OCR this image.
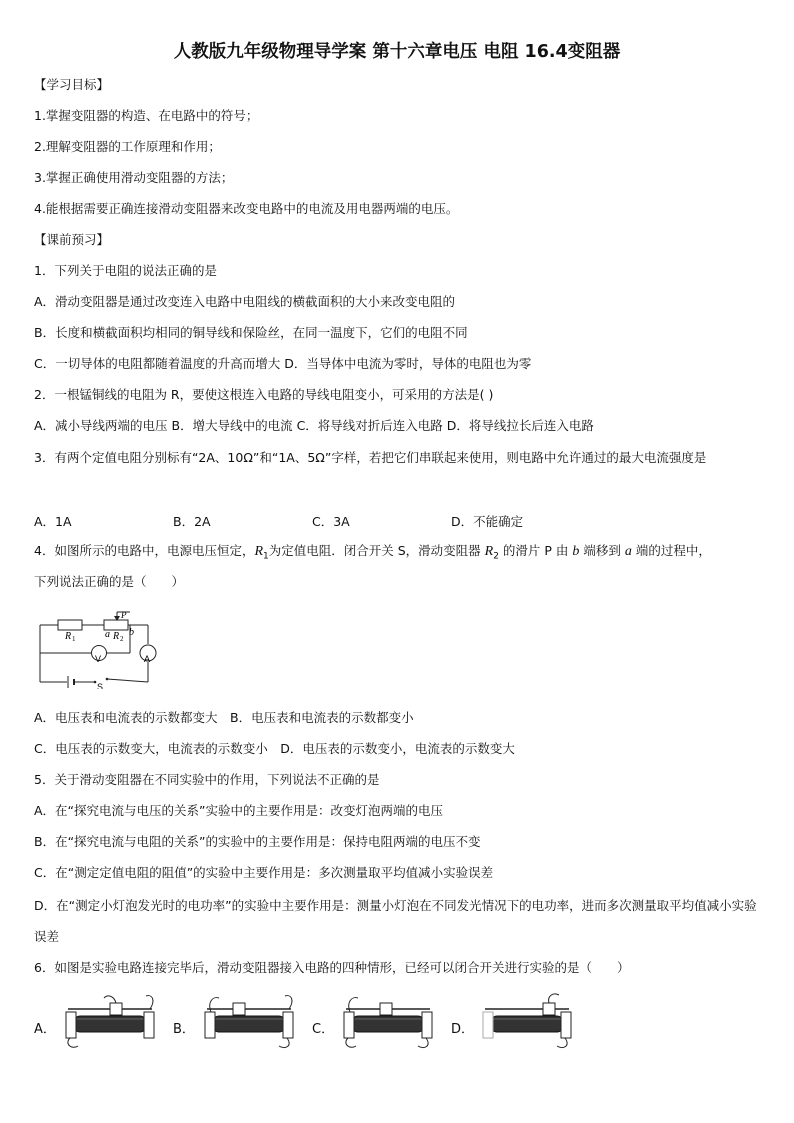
人教版九年级物理导学案 第十六章电压 电阻 16.4变阻器
【学习目标】
1.掌握变阻器的构造、在电路中的符号；
2.理解变阻器的工作原理和作用；
3.掌握正确使用滑动变阻器的方法；
4.能根据需要正确连接滑动变阻器来改变电路中的电流及用电器两端的电压。
【课前预习】
1．下列关于电阻的说法正确的是
A．滑动变阻器是通过改变连入电路中电阻线的横截面积的大小来改变电阻的
B．长度和横截面积均相同的铜导线和保险丝，在同一温度下，它们的电阻不同
C．一切导体的电阻都随着温度的升高而增大 D．当导体中电流为零时，导体的电阻也为零
2．一根锰铜线的电阻为 R，要使这根连入电路的导线电阻变小，可采用的方法是( )
A．减小导线两端的电压 B．增大导线中的电流 C．将导线对折后连入电路 D．将导线拉长后连入电路
3．有两个定值电阻分别标有“2A、10Ω”和“1A、5Ω”字样，若把它们串联起来使用，则电路中允许通过的最大电流强度是
A．1A	B．2A	C．3A	D．不能确定
4．如图所示的电路中，电源电压恒定，$R_1$为定值电阻．闭合开关 S，滑动变阻器 $R_2$ 的滑片 P 由 b 端移到 a 端的过程中，
下列说法正确的是（　　）
V	A
R 1	R 2
a b
P
S
A．电压表和电流表的示数都变大　B．电压表和电流表的示数都变小
C．电压表的示数变大，电流表的示数变小　D．电压表的示数变小，电流表的示数变大
5．关于滑动变阻器在不同实验中的作用，下列说法不正确的是
A．在“探究电流与电压的关系”实验中的主要作用是：改变灯泡两端的电压
B．在“探究电流与电阻的关系”的实验中的主要作用是：保持电阻两端的电压不变
C．在“测定定值电阻的阻值”的实验中主要作用是：多次测量取平均值减小实验误差
D．在“测定小灯泡发光时的电功率”的实验中主要作用是：测量小灯泡在不同发光情况下的电功率，进而多次测量取平均值减小实验误差
6．如图是实验电路连接完毕后，滑动变阻器接入电路的四种情形，已经可以闭合开关进行实验的是（　　）
A．	B．	C．	D．
